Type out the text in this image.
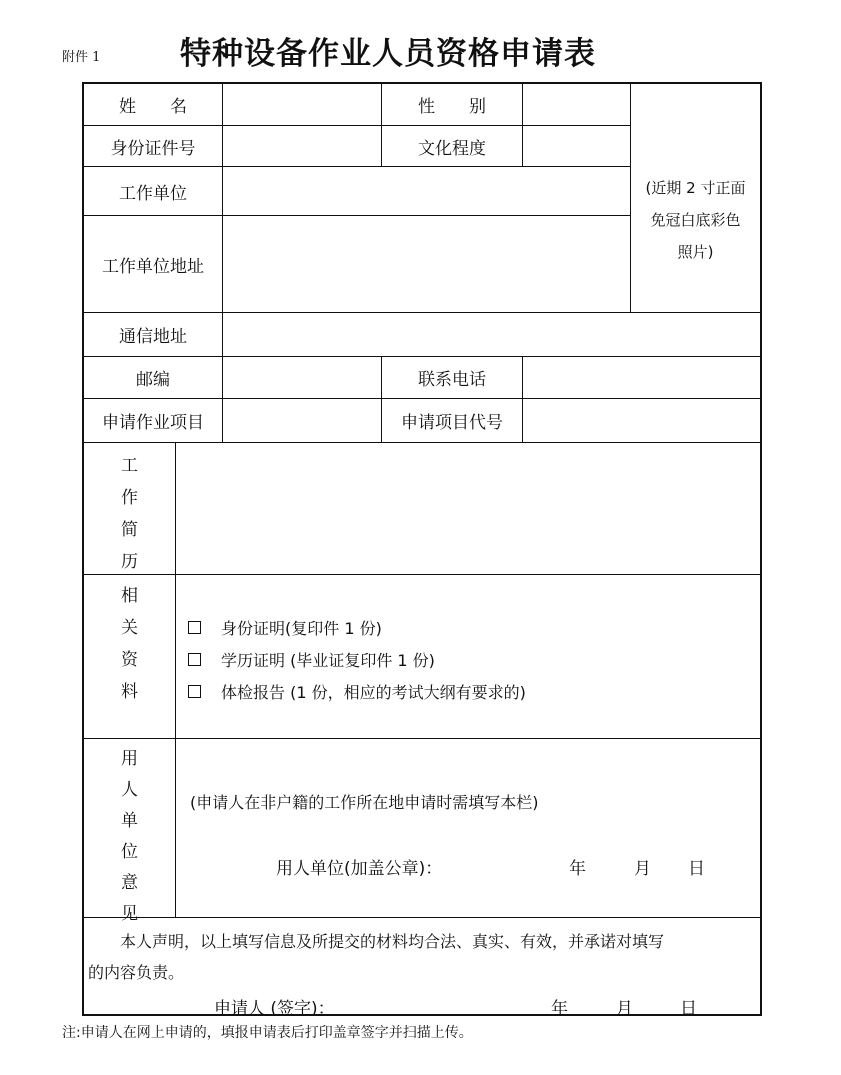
附件 1	特种设备作业人员资格申请表
姓　　名	性　　别
身份证件号	文化程度
工作单位
工作单位地址
(近期 2 寸正面
免冠白底彩色
照片)
通信地址
邮编	联系电话
申请作业项目	申请项目代号
工
作
简
历
相
关
资
料
身份证明(复印件 1 份)
学历证明 (毕业证复印件 1 份)
体检报告 (1 份，相应的考试大纲有要求的)
用
人
单
位
意
见
(申请人在非户籍的工作所在地申请时需填写本栏)
用人单位(加盖公章)：	年	月 日
本人声明，以上填写信息及所提交的材料均合法、真实、有效，并承诺对填写
的内容负责。
申请人 (签字)：	年	月	日
注:申请人在网上申请的，填报申请表后打印盖章签字并扫描上传。
